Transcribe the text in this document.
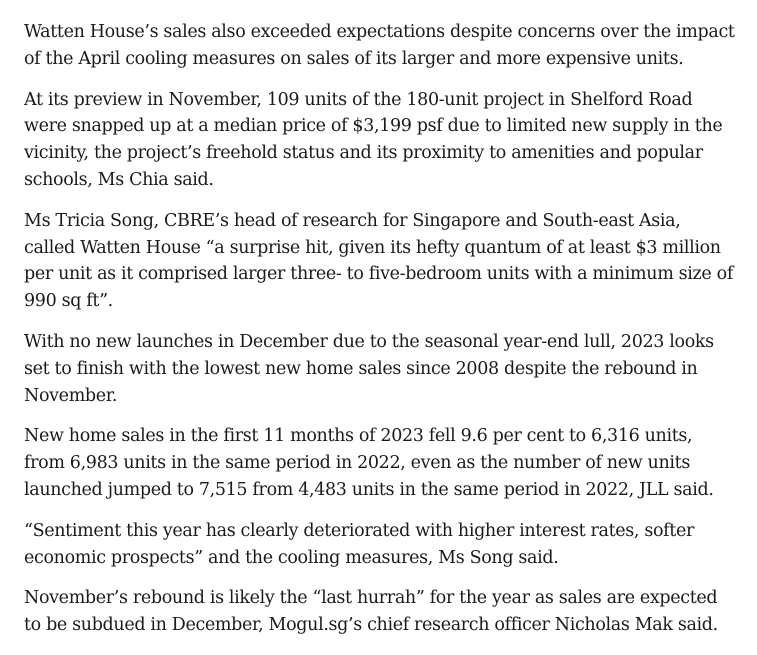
Watten House’s sales also exceeded expectations despite concerns over the impact of the April cooling measures on sales of its larger and more expensive units.

At its preview in November, 109 units of the 180-unit project in Shelford Road were snapped up at a median price of $3,199 psf due to limited new supply in the vicinity, the project’s freehold status and its proximity to amenities and popular schools, Ms Chia said.

Ms Tricia Song, CBRE’s head of research for Singapore and South-east Asia, called Watten House “a surprise hit, given its hefty quantum of at least $3 million per unit as it comprised larger three- to five-bedroom units with a minimum size of 990 sq ft”.

With no new launches in December due to the seasonal year-end lull, 2023 looks set to finish with the lowest new home sales since 2008 despite the rebound in November.

New home sales in the first 11 months of 2023 fell 9.6 per cent to 6,316 units, from 6,983 units in the same period in 2022, even as the number of new units launched jumped to 7,515 from 4,483 units in the same period in 2022, JLL said.

“Sentiment this year has clearly deteriorated with higher interest rates, softer economic prospects” and the cooling measures, Ms Song said.

November’s rebound is likely the “last hurrah” for the year as sales are expected to be subdued in December, Mogul.sg’s chief research officer Nicholas Mak said.
